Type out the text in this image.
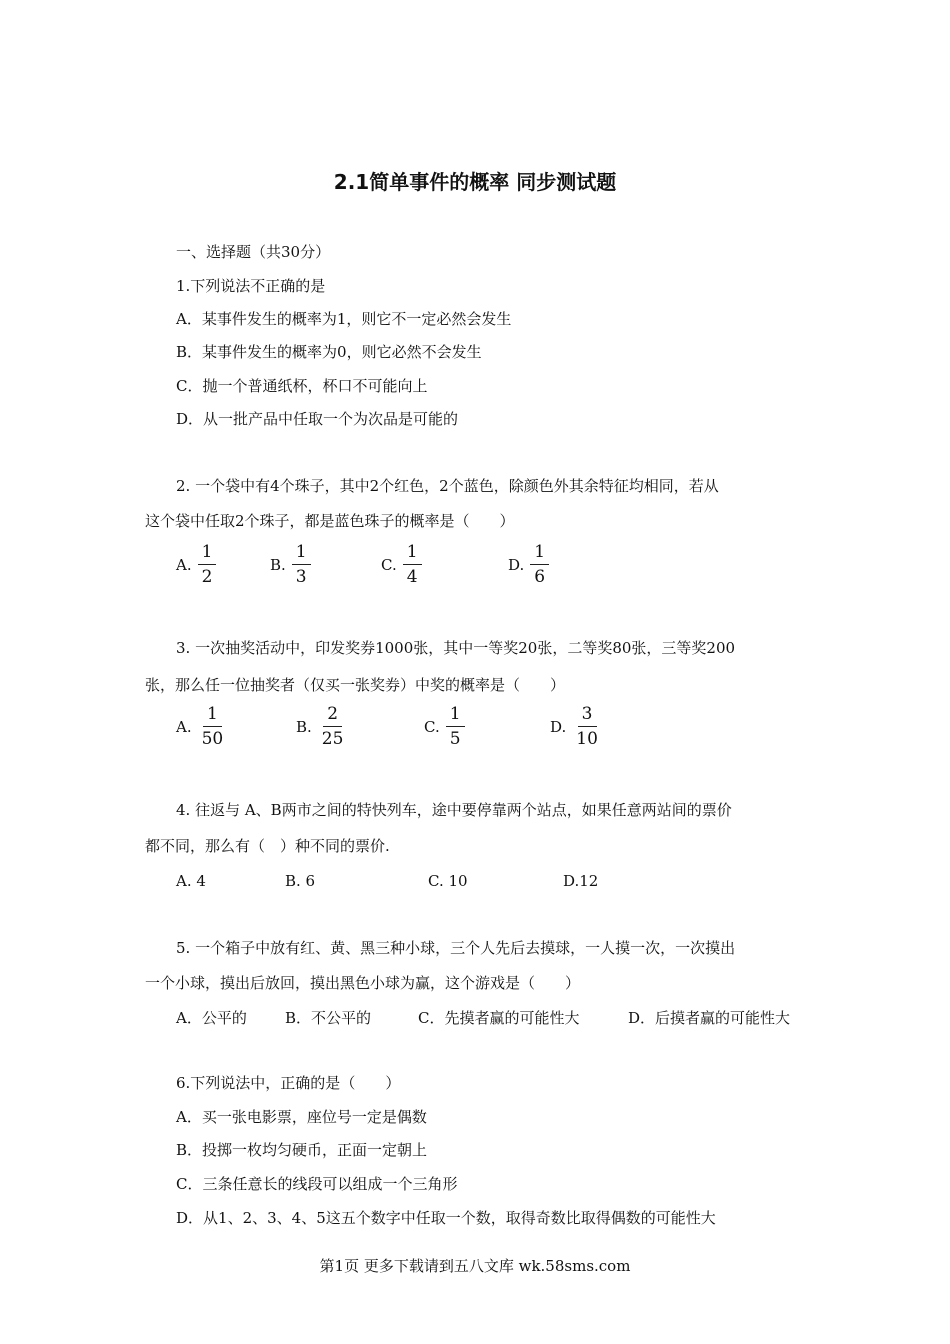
2.1简单事件的概率 同步测试题
一、选择题（共30分）
1.下列说法不正确的是
A．某事件发生的概率为1，则它不一定必然会发生
B．某事件发生的概率为0，则它必然不会发生
C．抛一个普通纸杯，杯口不可能向上
D．从一批产品中任取一个为次品是可能的
2. 一个袋中有4个珠子，其中2个红色，2个蓝色，除颜色外其余特征均相同，若从
这个袋中任取2个珠子，都是蓝色珠子的概率是（　　）
A. $\frac{1}{2}$	B. $\frac{1}{3}$	C. $\frac{1}{4}$	D. $\frac{1}{6}$
3. 一次抽奖活动中，印发奖券1000张，其中一等奖20张，二等奖80张，三等奖200
张，那么任一位抽奖者（仅买一张奖券）中奖的概率是（　　）
A. $\frac{1}{50}$	B. $\frac{2}{25}$	C. $\frac{1}{5}$	D. $\frac{3}{10}$
4. 往返与 A、B两市之间的特快列车，途中要停靠两个站点，如果任意两站间的票价
都不同，那么有（　）种不同的票价.
A. 4	B. 6	C. 10	D.12
5. 一个箱子中放有红、黄、黑三种小球，三个人先后去摸球，一人摸一次，一次摸出
一个小球，摸出后放回，摸出黑色小球为赢，这个游戏是（　　）
A．公平的	B．不公平的	C．先摸者赢的可能性大	D．后摸者赢的可能性大
6.下列说法中，正确的是（　　）
A．买一张电影票，座位号一定是偶数
B．投掷一枚均匀硬币，正面一定朝上
C．三条任意长的线段可以组成一个三角形
D．从1、2、3、4、5这五个数字中任取一个数，取得奇数比取得偶数的可能性大
第1页 更多下载请到五八文库 wk.58sms.com
